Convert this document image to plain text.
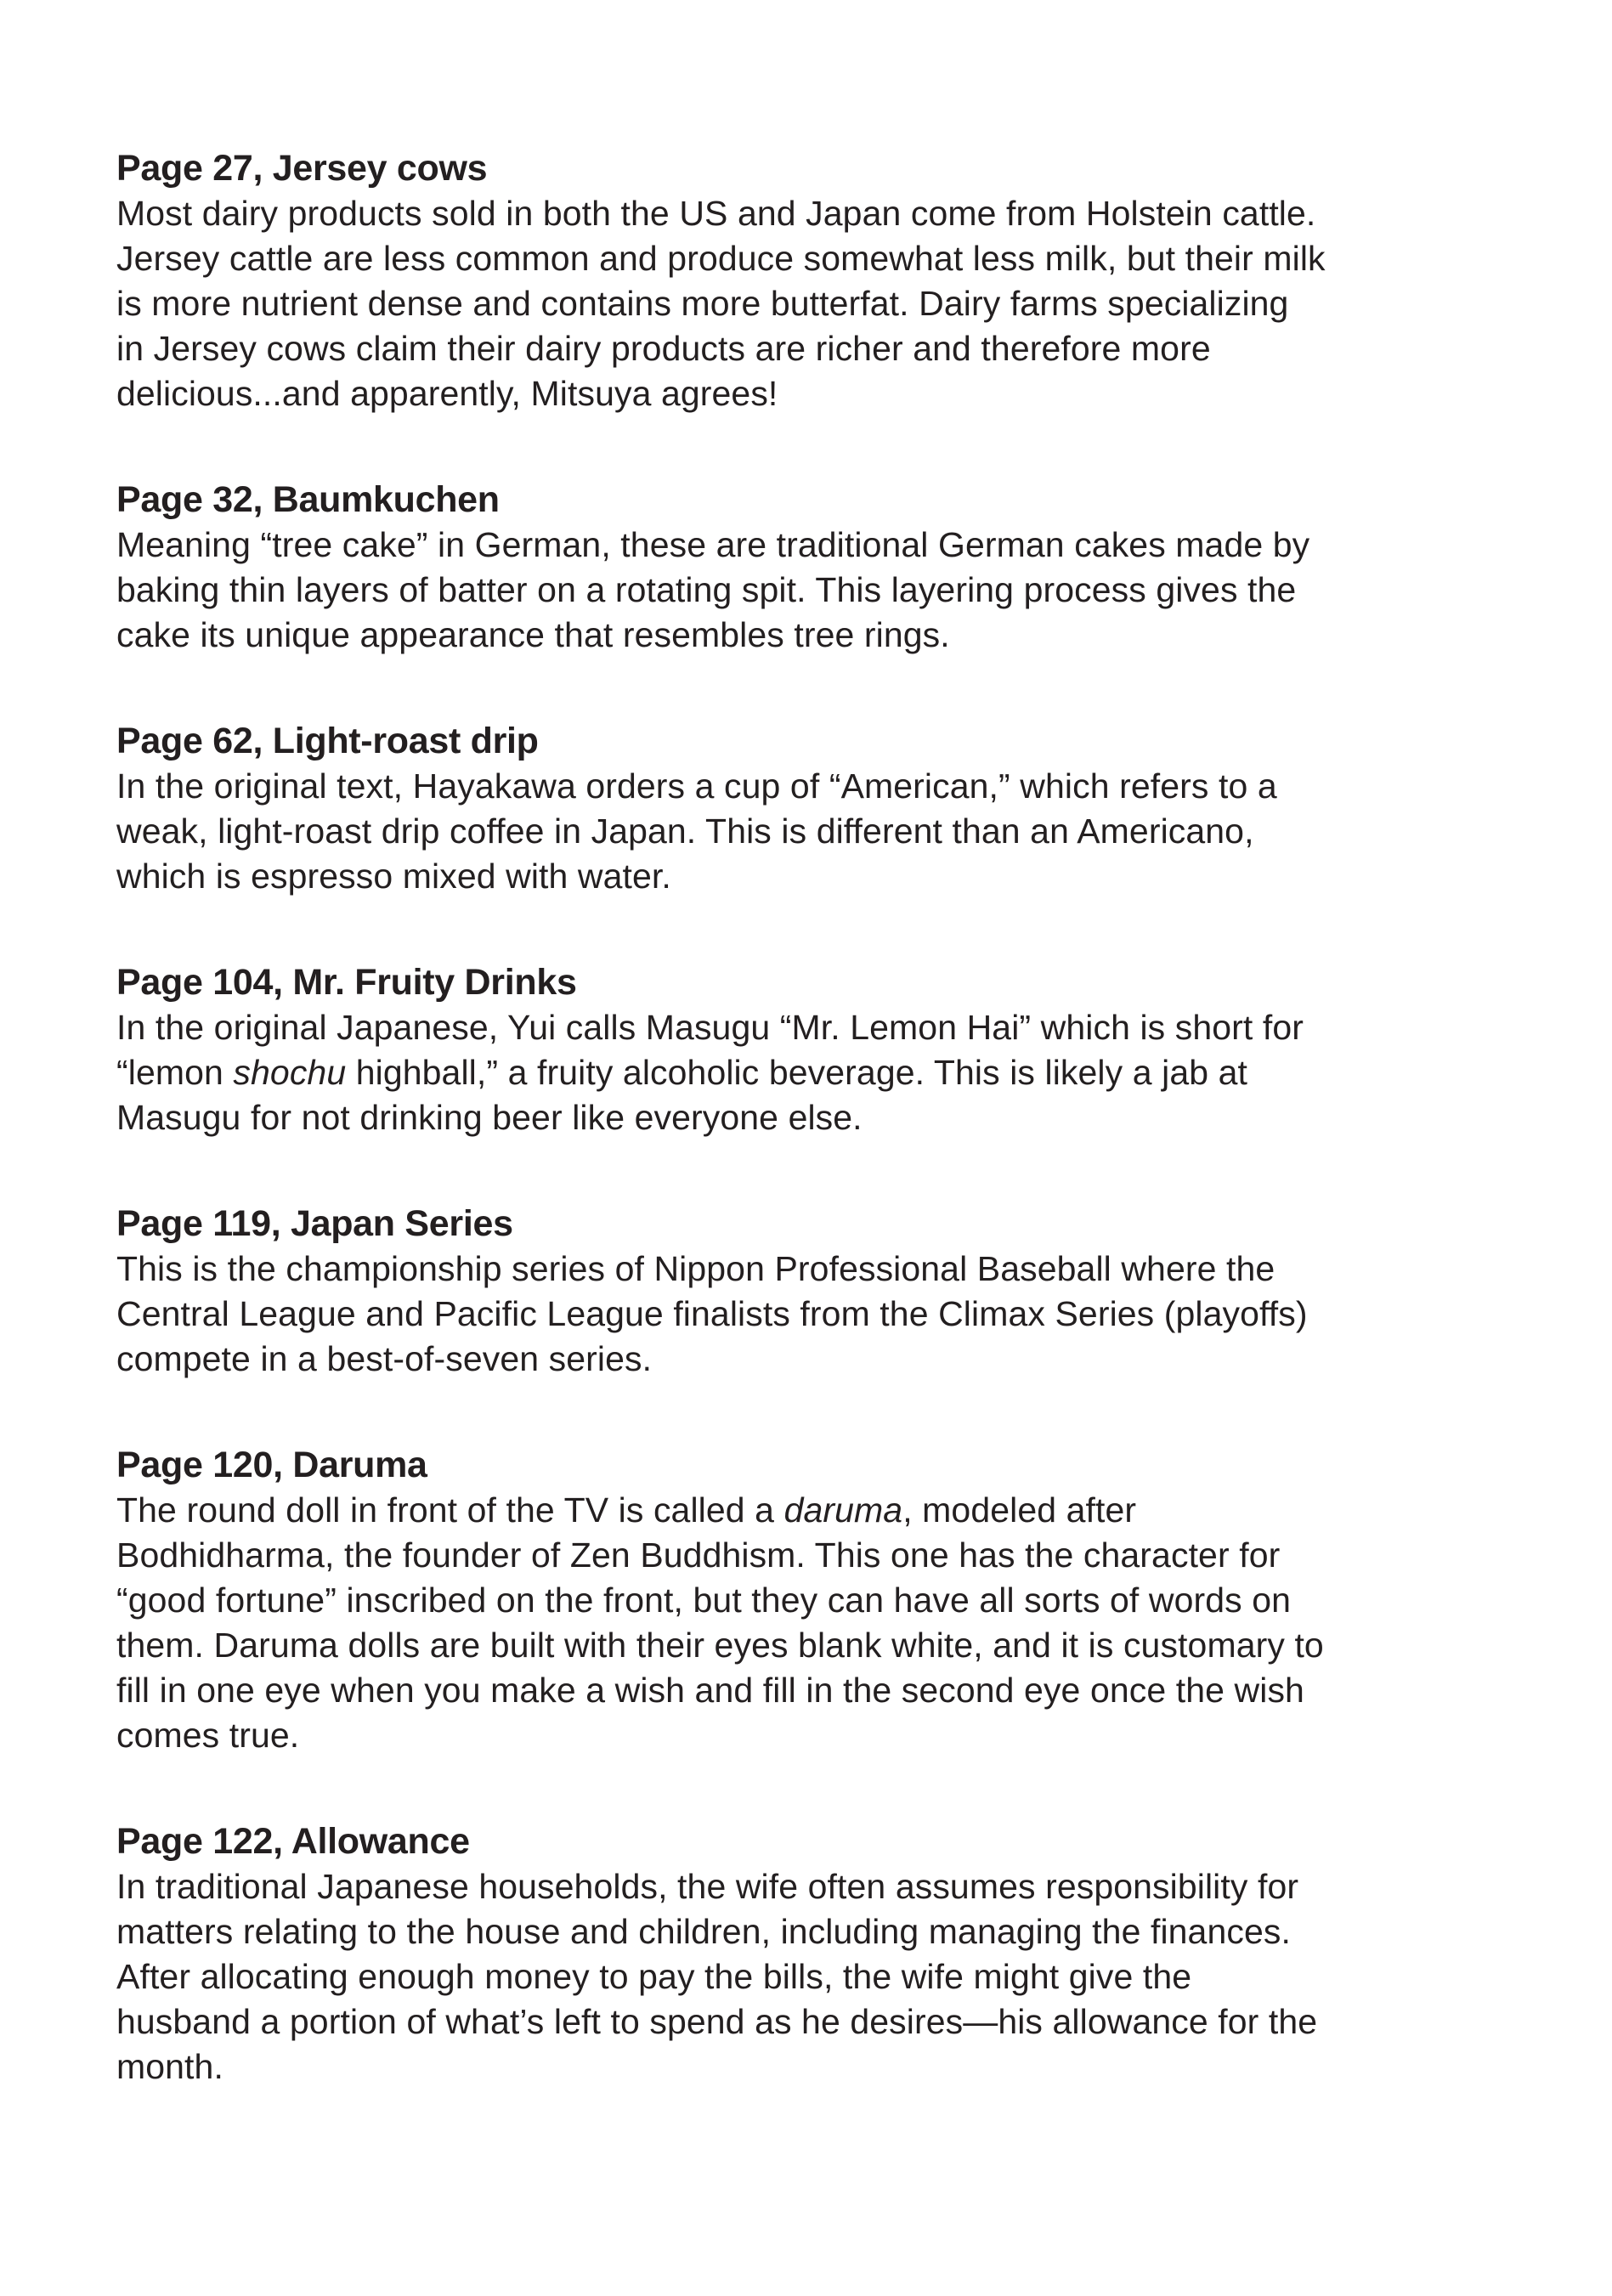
Page 27, Jersey cows

Most dairy products sold in both the US and Japan come from Holstein cattle.
Jersey cattle are less common and produce somewhat less milk, but their milk
is more nutrient dense and contains more butterfat. Dairy farms specializing
in Jersey cows claim their dairy products are richer and therefore more
delicious...and apparently, Mitsuya agrees!

Page 32, Baumkuchen

Meaning “tree cake” in German, these are traditional German cakes made by
baking thin layers of batter on a rotating spit. This layering process gives the
cake its unique appearance that resembles tree rings.

Page 62, Light-roast drip

In the original text, Hayakawa orders a cup of “American,” which refers to a
weak, light-roast drip coffee in Japan. This is different than an Americano,
which is espresso mixed with water.

Page 104, Mr. Fruity Drinks

In the original Japanese, Yui calls Masugu “Mr. Lemon Hai” which is short for
“lemon shochu highball,” a fruity alcoholic beverage. This is likely a jab at
Masugu for not drinking beer like everyone else.

Page 119, Japan Series

This is the championship series of Nippon Professional Baseball where the
Central League and Pacific League finalists from the Climax Series (playoffs)
compete in a best-of-seven series.

Page 120, Daruma

The round doll in front of the TV is called a daruma, modeled after
Bodhidharma, the founder of Zen Buddhism. This one has the character for
“good fortune” inscribed on the front, but they can have all sorts of words on
them. Daruma dolls are built with their eyes blank white, and it is customary to
fill in one eye when you make a wish and fill in the second eye once the wish
comes true.

Page 122, Allowance

In traditional Japanese households, the wife often assumes responsibility for
matters relating to the house and children, including managing the finances.
After allocating enough money to pay the bills, the wife might give the
husband a portion of what’s left to spend as he desires—his allowance for the
month.
